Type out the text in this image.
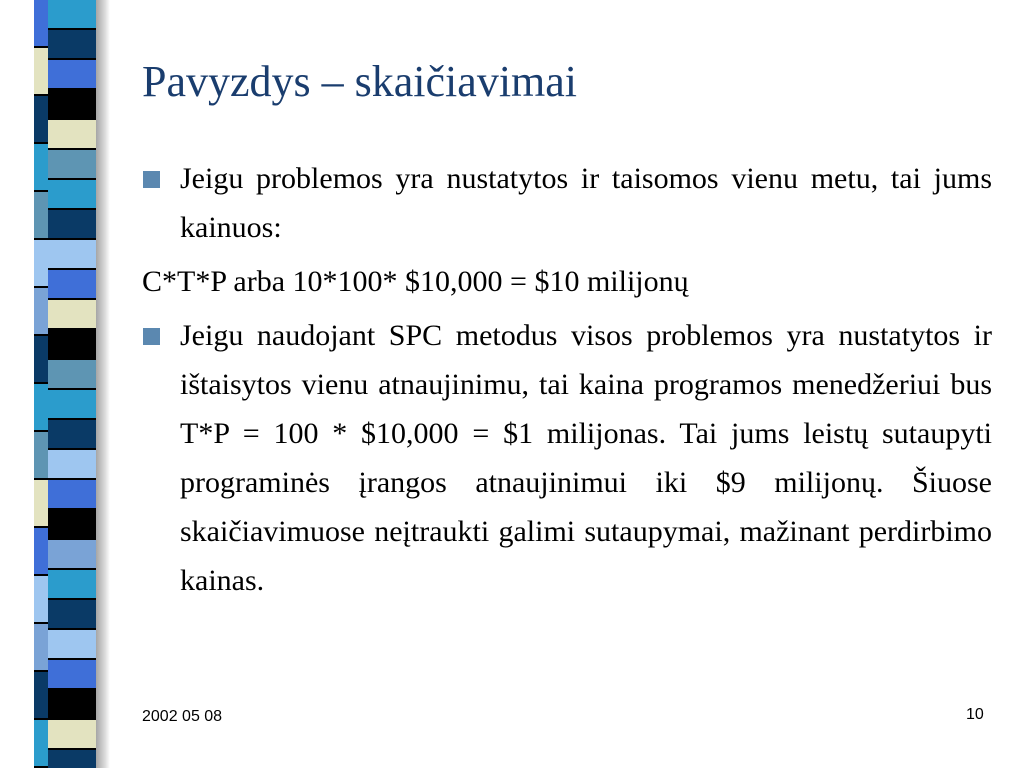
Pavyzdys – skaičiavimai
Jeigu problemos yra nustatytos ir taisomos vienu metu, tai jums kainuos:
C*T*P arba 10*100* $10,000 = $10 milijonų
Jeigu naudojant SPC metodus visos problemos yra nustatytos ir ištaisytos vienu atnaujinimu, tai kaina programos menedžeriui bus T*P = 100 * $10,000 = $1 milijonas. Tai jums leistų sutaupyti programinės įrangos atnaujinimui iki $9 milijonų. Šiuose skaičiavimuose neįtraukti galimi sutaupymai, mažinant perdirbimo kainas.
2002 05 08	10
